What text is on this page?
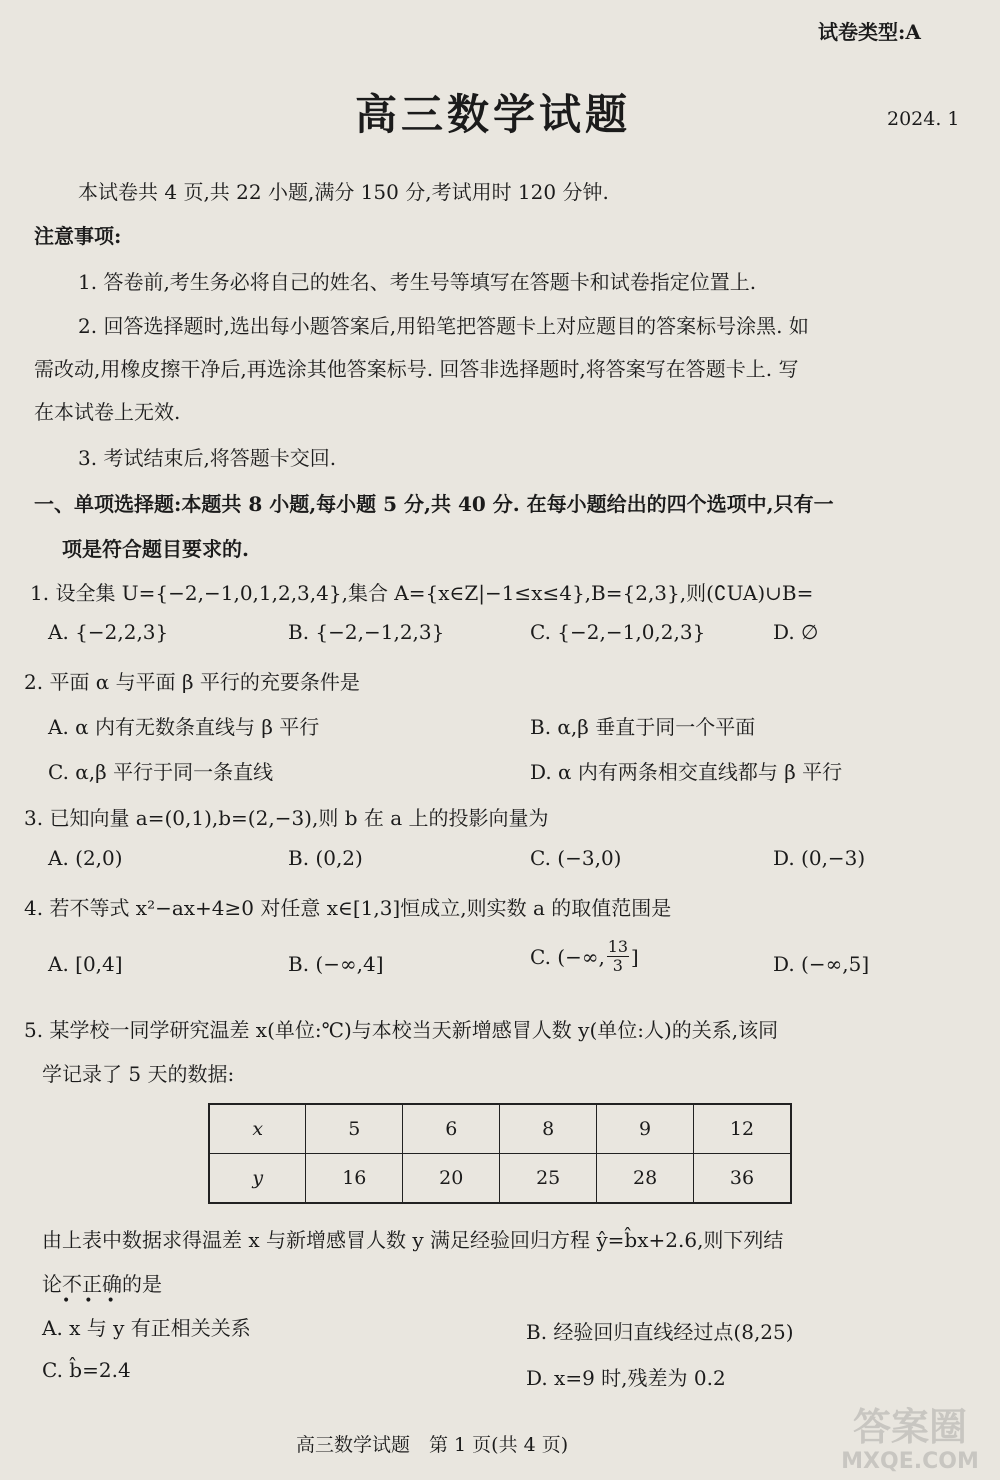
试卷类型:A
高三数学试题	2024. 1
本试卷共 4 页,共 22 小题,满分 150 分,考试用时 120 分钟.
注意事项:
1. 答卷前,考生务必将自己的姓名、考生号等填写在答题卡和试卷指定位置上.
2. 回答选择题时,选出每小题答案后,用铅笔把答题卡上对应题目的答案标号涂黑. 如
需改动,用橡皮擦干净后,再选涂其他答案标号. 回答非选择题时,将答案写在答题卡上. 写
在本试卷上无效.
3. 考试结束后,将答题卡交回.
一、单项选择题:本题共 8 小题,每小题 5 分,共 40 分. 在每小题给出的四个选项中,只有一
项是符合题目要求的.
1. 设全集 U={−2,−1,0,1,2,3,4},集合 A={x∈Z|−1≤x≤4},B={2,3},则(∁UA)∪B=
A. {−2,2,3}	B. {−2,−1,2,3}	C. {−2,−1,0,2,3}	D. ∅
2. 平面 α 与平面 β 平行的充要条件是
A. α 内有无数条直线与 β 平行	B. α,β 垂直于同一个平面
C. α,β 平行于同一条直线	D. α 内有两条相交直线都与 β 平行
3. 已知向量 a=(0,1),b=(2,−3),则 b 在 a 上的投影向量为
A. (2,0)	B. (0,2)	C. (−3,0)	D. (0,−3)
4. 若不等式 x²−ax+4≥0 对任意 x∈[1,3]恒成立,则实数 a 的取值范围是
A. [0,4]	B. (−∞,4]	C. (−∞, 13
3 ]	D. (−∞,5]
5. 某学校一同学研究温差 x(单位:℃)与本校当天新增感冒人数 y(单位:人)的关系,该同
学记录了 5 天的数据:
x	5	6	8	9	12
y	16	20	25	28	36
由上表中数据求得温差 x 与新增感冒人数 y 满足经验回归方程 ŷ=b̂x+2.6,则下列结
论不正确的是
•••
A. x 与 y 有正相关关系	B. 经验回归直线经过点(8,25)
C. b̂=2.4	D. x=9 时,残差为 0.2
高三数学试题　第 1 页(共 4 页)	答案圈
MXQE.COM
